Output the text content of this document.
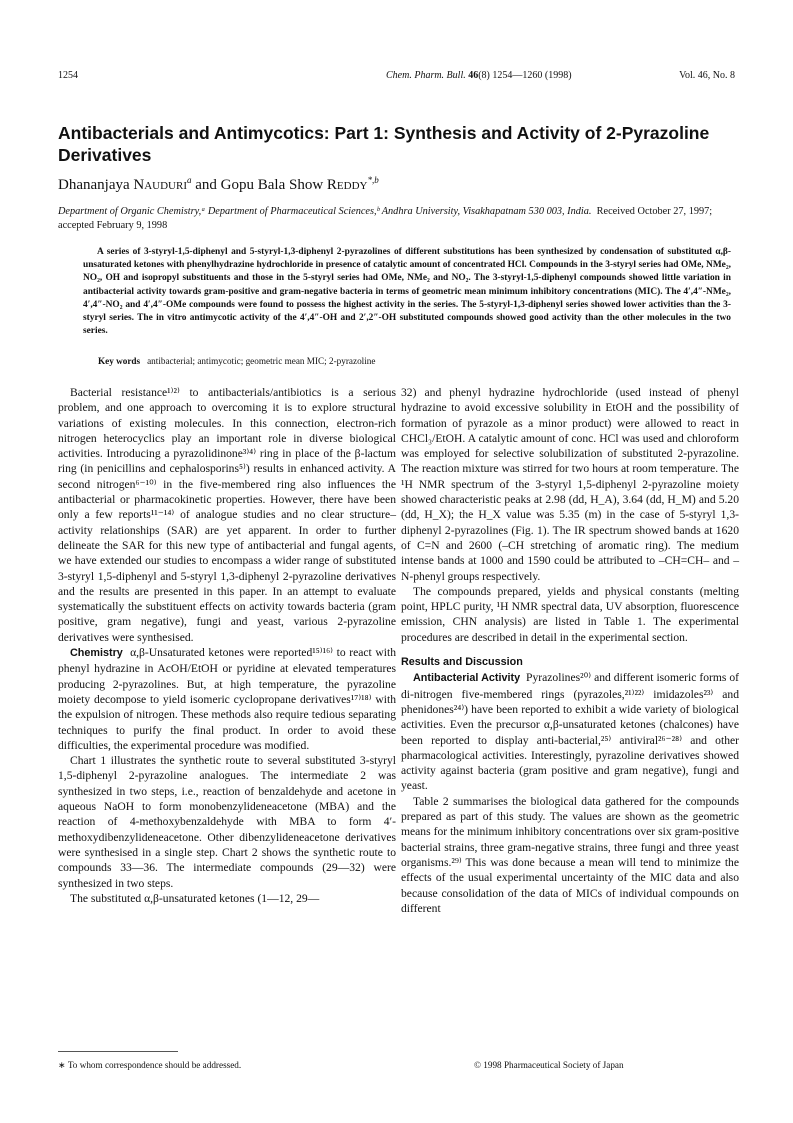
1254	Chem. Pharm. Bull. 46(8) 1254—1260 (1998)	Vol. 46, No. 8
Antibacterials and Antimycotics: Part 1: Synthesis and Activity of 2-Pyrazoline Derivatives
Dhananjaya Nauduri$^a$ and Gopu Bala Show Reddy$^{*,b}$
Department of Organic Chemistry,ᵃ Department of Pharmaceutical Sciences,ᵇ Andhra University, Visakhapatnam 530 003, India. Received October 27, 1997; accepted February 9, 1998

A series of 3-styryl-1,5-diphenyl and 5-styryl-1,3-diphenyl 2-pyrazolines of different substitutions has been synthesized by condensation of substituted α,β-unsaturated ketones with phenylhydrazine hydrochloride in presence of catalytic amount of concentrated HCl. Compounds in the 3-styryl series had OMe, NMe₂, NO₂, OH and isopropyl substituents and those in the 5-styryl series had OMe, NMe₂ and NO₂. The 3-styryl-1,5-diphenyl compounds showed little variation in antibacterial activity towards gram-positive and gram-negative bacteria in terms of geometric mean minimum inhibitory concentrations (MIC). The 4′,4″-NMe₂, 4′,4″-NO₂ and 4′,4″-OMe compounds were found to possess the highest activity in the series. The 5-styryl-1,3-diphenyl series showed lower activities than the 3-styryl series. The in vitro antimycotic activity of the 4′,4″-OH and 2′,2″-OH substituted compounds showed good activity than the other molecules in the two series.

Key words antibacterial; antimycotic; geometric mean MIC; 2-pyrazoline

Bacterial resistance¹⁾²⁾ to antibacterials/antibiotics is a serious problem, and one approach to overcoming it is to explore structural variations of existing molecules. In this connection, electron-rich nitrogen heterocyclics play an important role in diverse biological activities. Introducing a pyrazolidinone³⁾⁴⁾ ring in place of the β-lactum ring (in penicillins and cephalosporins⁵⁾) results in enhanced activity. A second nitrogen⁶⁻¹⁰⁾ in the five-membered ring also influences the antibacterial or pharmacokinetic properties. However, there have been only a few reports¹¹⁻¹⁴⁾ of analogue studies and no clear structure–activity relationships (SAR) are yet apparent. In order to further delineate the SAR for this new type of antibacterial and fungal agents, we have extended our studies to encompass a wider range of substituted 3-styryl 1,5-diphenyl and 5-styryl 1,3-diphenyl 2-pyrazoline derivatives and the results are presented in this paper. In an attempt to evaluate systematically the substituent effects on activity towards bacteria (gram positive, gram negative), fungi and yeast, various 2-pyrazoline derivatives were synthesised.

Chemistry α,β-Unsaturated ketones were reported¹⁵⁾¹⁶⁾ to react with phenyl hydrazine in AcOH/EtOH or pyridine at elevated temperatures producing 2-pyrazolines. But, at high temperature, the pyrazoline moiety decompose to yield isomeric cyclopropane derivatives¹⁷⁾¹⁸⁾ with the expulsion of nitrogen. These methods also require tedious separating techniques to purify the final product. In order to avoid these difficulties, the experimental procedure was modified.

Chart 1 illustrates the synthetic route to several substituted 3-styryl 1,5-diphenyl 2-pyrazoline analogues. The intermediate 2 was synthesized in two steps, i.e., reaction of benzaldehyde and acetone in aqueous NaOH to form monobenzylideneacetone (MBA) and the reaction of 4-methoxybenzaldehyde with MBA to form 4′-methoxydibenzylideneacetone. Other dibenzylideneacetone derivatives were synthesised in a single step. Chart 2 shows the synthetic route to compounds 33—36. The intermediate compounds (29—32) were synthesized in two steps.

The substituted α,β-unsaturated ketones (1—12, 29—

32) and phenyl hydrazine hydrochloride (used instead of phenyl hydrazine to avoid excessive solubility in EtOH and the possibility of formation of pyrazole as a minor product) were allowed to react in CHCl₃/EtOH. A catalytic amount of conc. HCl was used and chloroform was employed for selective solubilization of substituted 2-pyrazoline. The reaction mixture was stirred for two hours at room temperature. The ¹H NMR spectrum of the 3-styryl 1,5-diphenyl 2-pyrazoline moiety showed characteristic peaks at 2.98 (dd, H_A), 3.64 (dd, H_M) and 5.20 (dd, H_X); the H_X value was 5.35 (m) in the case of 5-styryl 1,3-diphenyl 2-pyrazolines (Fig. 1). The IR spectrum showed bands at 1620 of C=N and 2600 (–CH stretching of aromatic ring). The medium intense bands at 1000 and 1590 could be attributed to –CH=CH– and –N-phenyl groups respectively.

The compounds prepared, yields and physical constants (melting point, HPLC purity, ¹H NMR spectral data, UV absorption, fluorescence emission, CHN analysis) are listed in Table 1. The experimental procedures are described in detail in the experimental section.

Results and Discussion

Antibacterial Activity Pyrazolines²⁰⁾ and different isomeric forms of di-nitrogen five-membered rings (pyrazoles,²¹⁾²²⁾ imidazoles²³⁾ and phenidones²⁴⁾) have been reported to exhibit a wide variety of biological activities. Even the precursor α,β-unsaturated ketones (chalcones) have been reported to display anti-bacterial,²⁵⁾ antiviral²⁶⁻²⁸⁾ and other pharmacological activities. Interestingly, pyrazoline derivatives showed activity against bacteria (gram positive and gram negative), fungi and yeast.

Table 2 summarises the biological data gathered for the compounds prepared as part of this study. The values are shown as the geometric means for the minimum inhibitory concentrations over six gram-positive bacterial strains, three gram-negative strains, three fungi and three yeast organisms.²⁹⁾ This was done because a mean will tend to minimize the effects of the usual experimental uncertainty of the MIC data and also because consolidation of the data of MICs of individual compounds on different

∗ To whom correspondence should be addressed.	© 1998 Pharmaceutical Society of Japan
